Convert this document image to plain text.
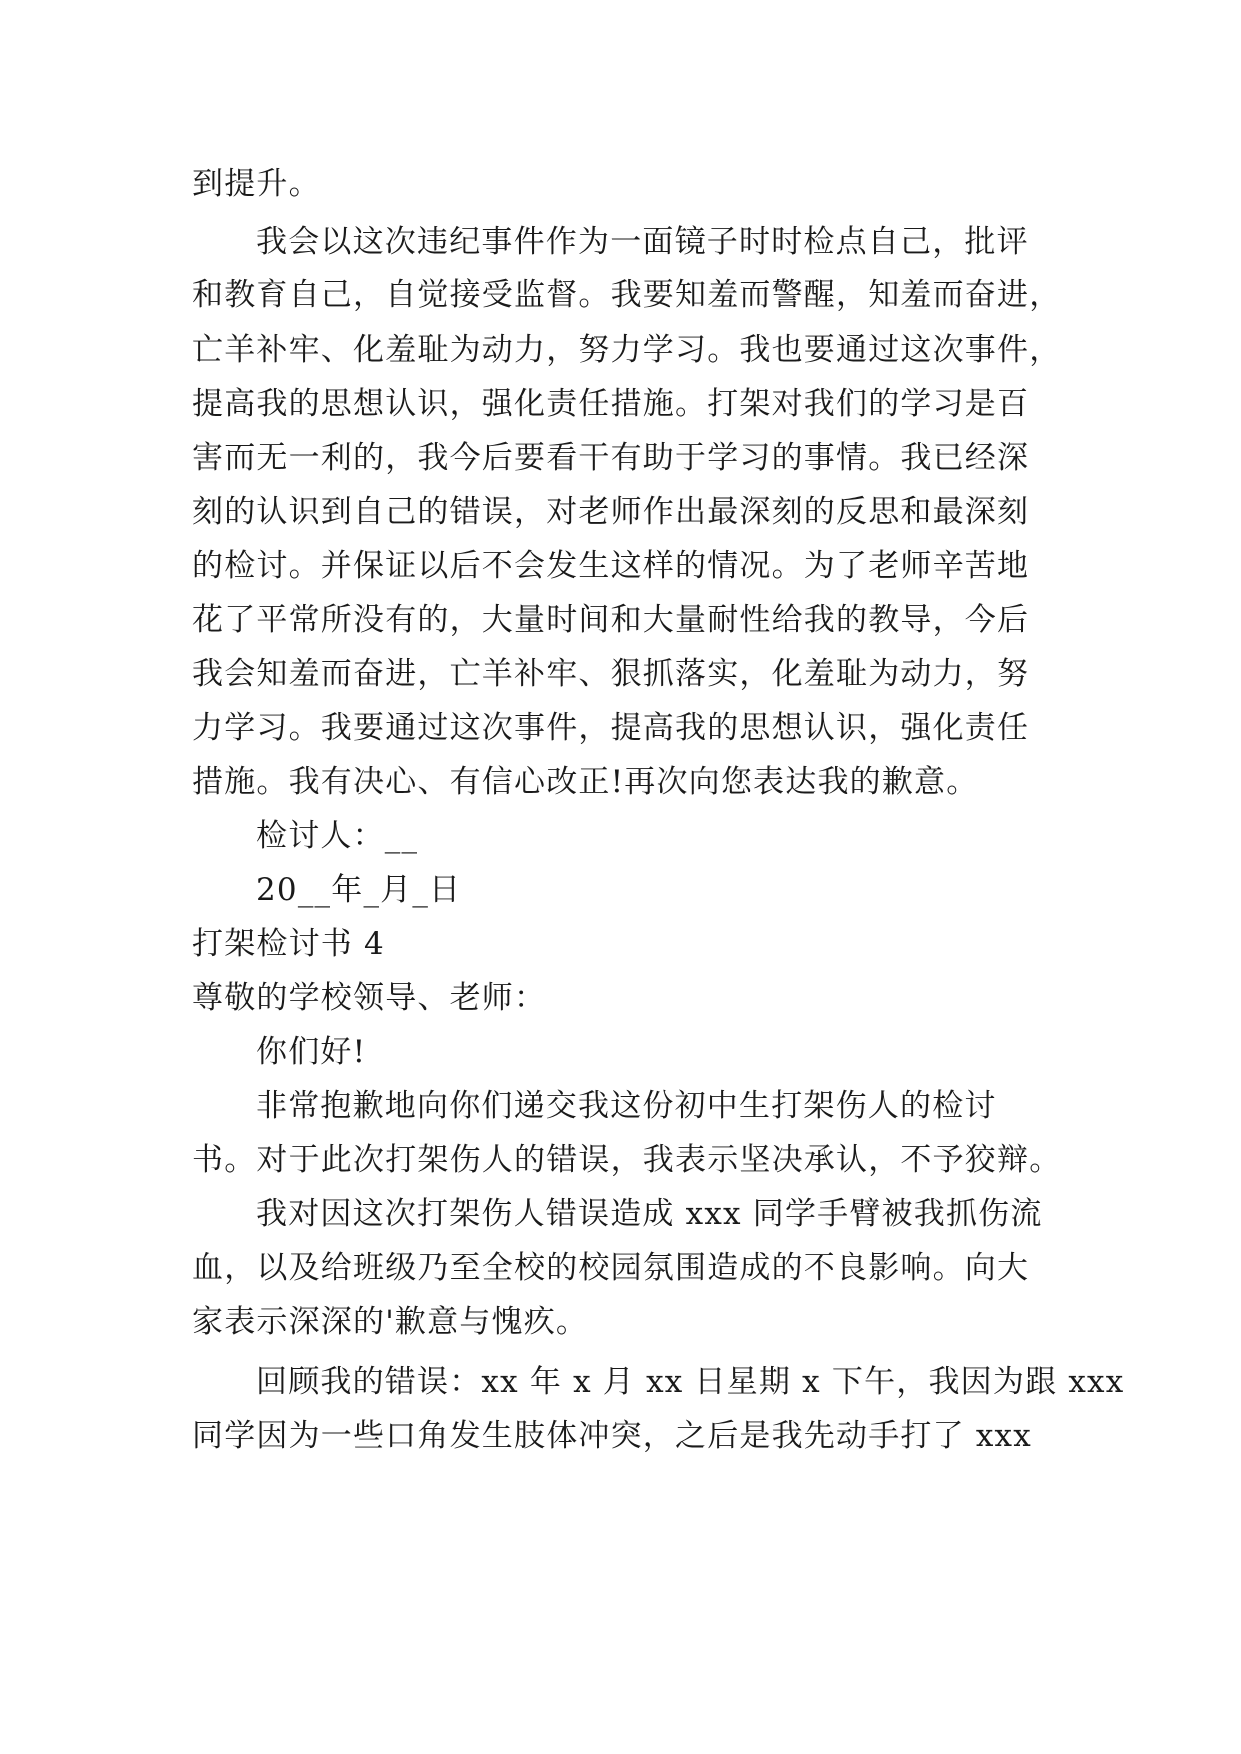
到提升。
我会以这次违纪事件作为一面镜子时时检点自己，批评
和教育自己，自觉接受监督。我要知羞而警醒，知羞而奋进，
亡羊补牢、化羞耻为动力，努力学习。我也要通过这次事件，
提高我的思想认识，强化责任措施。打架对我们的学习是百
害而无一利的，我今后要看干有助于学习的事情。我已经深
刻的认识到自己的错误，对老师作出最深刻的反思和最深刻
的检讨。并保证以后不会发生这样的情况。为了老师辛苦地
花了平常所没有的，大量时间和大量耐性给我的教导，今后
我会知羞而奋进，亡羊补牢、狠抓落实，化羞耻为动力，努
力学习。我要通过这次事件，提高我的思想认识，强化责任
措施。我有决心、有信心改正!再次向您表达我的歉意。
检讨人：__
20__年_月_日
打架检讨书 4
尊敬的学校领导、老师：
你们好!
非常抱歉地向你们递交我这份初中生打架伤人的检讨
书。对于此次打架伤人的错误，我表示坚决承认，不予狡辩。
我对因这次打架伤人错误造成 xxx 同学手臂被我抓伤流
血，以及给班级乃至全校的校园氛围造成的不良影响。向大
家表示深深的'歉意与愧疚。
回顾我的错误：xx 年 x 月 xx 日星期 x 下午，我因为跟 xxx
同学因为一些口角发生肢体冲突，之后是我先动手打了 xxx
